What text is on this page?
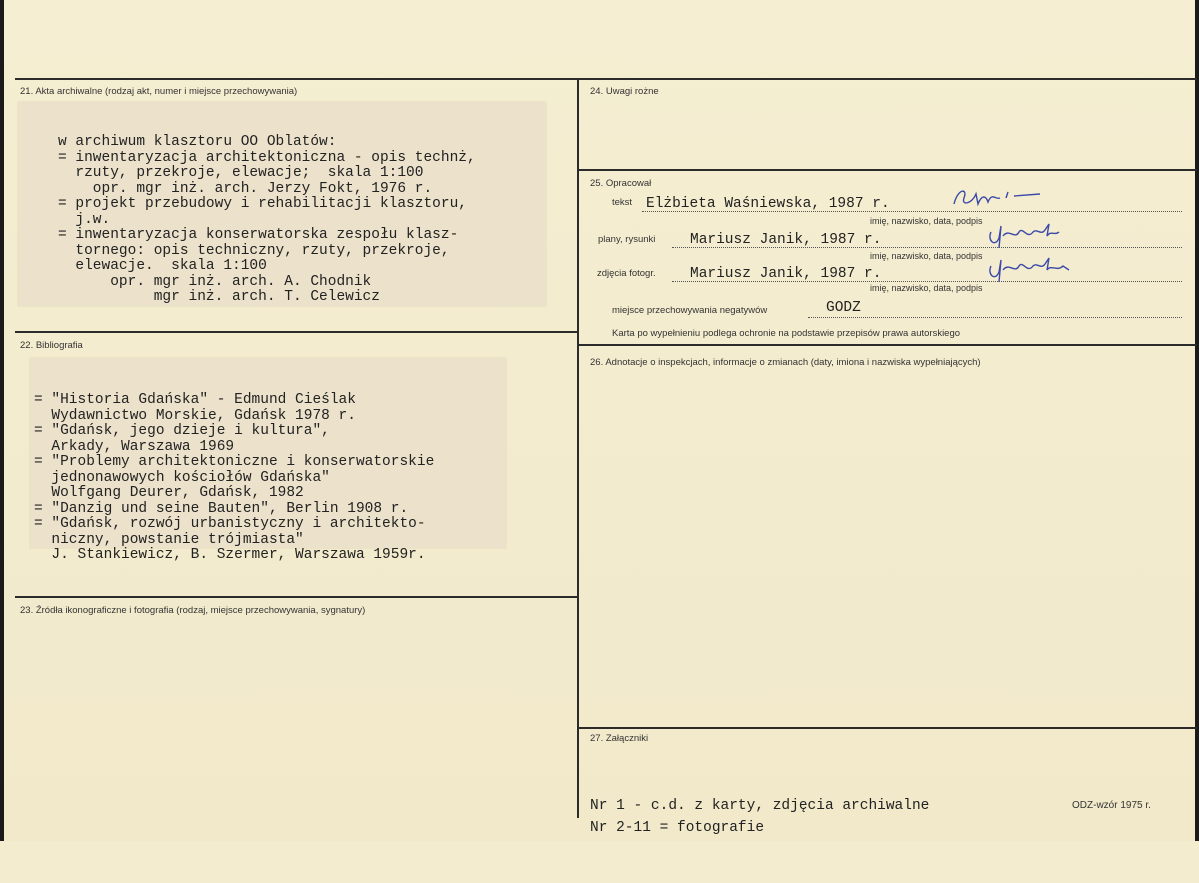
21. Akta archiwalne (rodzaj akt, numer i miejsce przechowywania)

w archiwum klasztoru OO Oblatów:
= inwentaryzacja architektoniczna - opis technż,
rzuty, przekroje, elewacje;  skala 1:100
opr. mgr inż. arch. Jerzy Fokt, 1976 r.
= projekt przebudowy i rehabilitacji klasztoru,
j.w.
= inwentaryzacja konserwatorska zespołu klasz-
tornego: opis techniczny, rzuty, przekroje,
elewacje.  skala 1:100
opr. mgr inż. arch. A. Chodnik
mgr inż. arch. T. Celewicz

22. Bibliografia

= "Historia Gdańska" - Edmund Cieślak
Wydawnictwo Morskie, Gdańsk 1978 r.
= "Gdańsk, jego dzieje i kultura",
Arkady, Warszawa 1969
= "Problemy architektoniczne i konserwatorskie
jednonawowych kościołów Gdańska"
Wolfgang Deurer, Gdańsk, 1982
= "Danzig und seine Bauten", Berlin 1908 r.
= "Gdańsk, rozwój urbanistyczny i architekto-
niczny, powstanie trójmiasta"
J. Stankiewicz, B. Szermer, Warszawa 1959r.

23. Źródła ikonograficzne i fotografia (rodzaj, miejsce przechowywania, sygnatury)
24. Uwagi rożne
25. Opracował
tekst Elżbieta Waśniewska, 1987 r.
imię, nazwisko, data, podpis
plany, rysunki Mariusz Janik, 1987 r.
imię, nazwisko, data, podpis
zdjęcia fotogr. Mariusz Janik, 1987 r.
imię, nazwisko, data, podpis
miejsce przechowywania negatywów	GODZ
Karta po wypełnieniu podlega ochronie na podstawie przepisów prawa autorskiego
26. Adnotacje o inspekcjach, informacje o zmianach (daty, imiona i nazwiska wypełniających)
27. Załączniki

Nr 1 - c.d. z karty, zdjęcia archiwalne
Nr 2-11 = fotografie

ODZ-wzór 1975 r.
